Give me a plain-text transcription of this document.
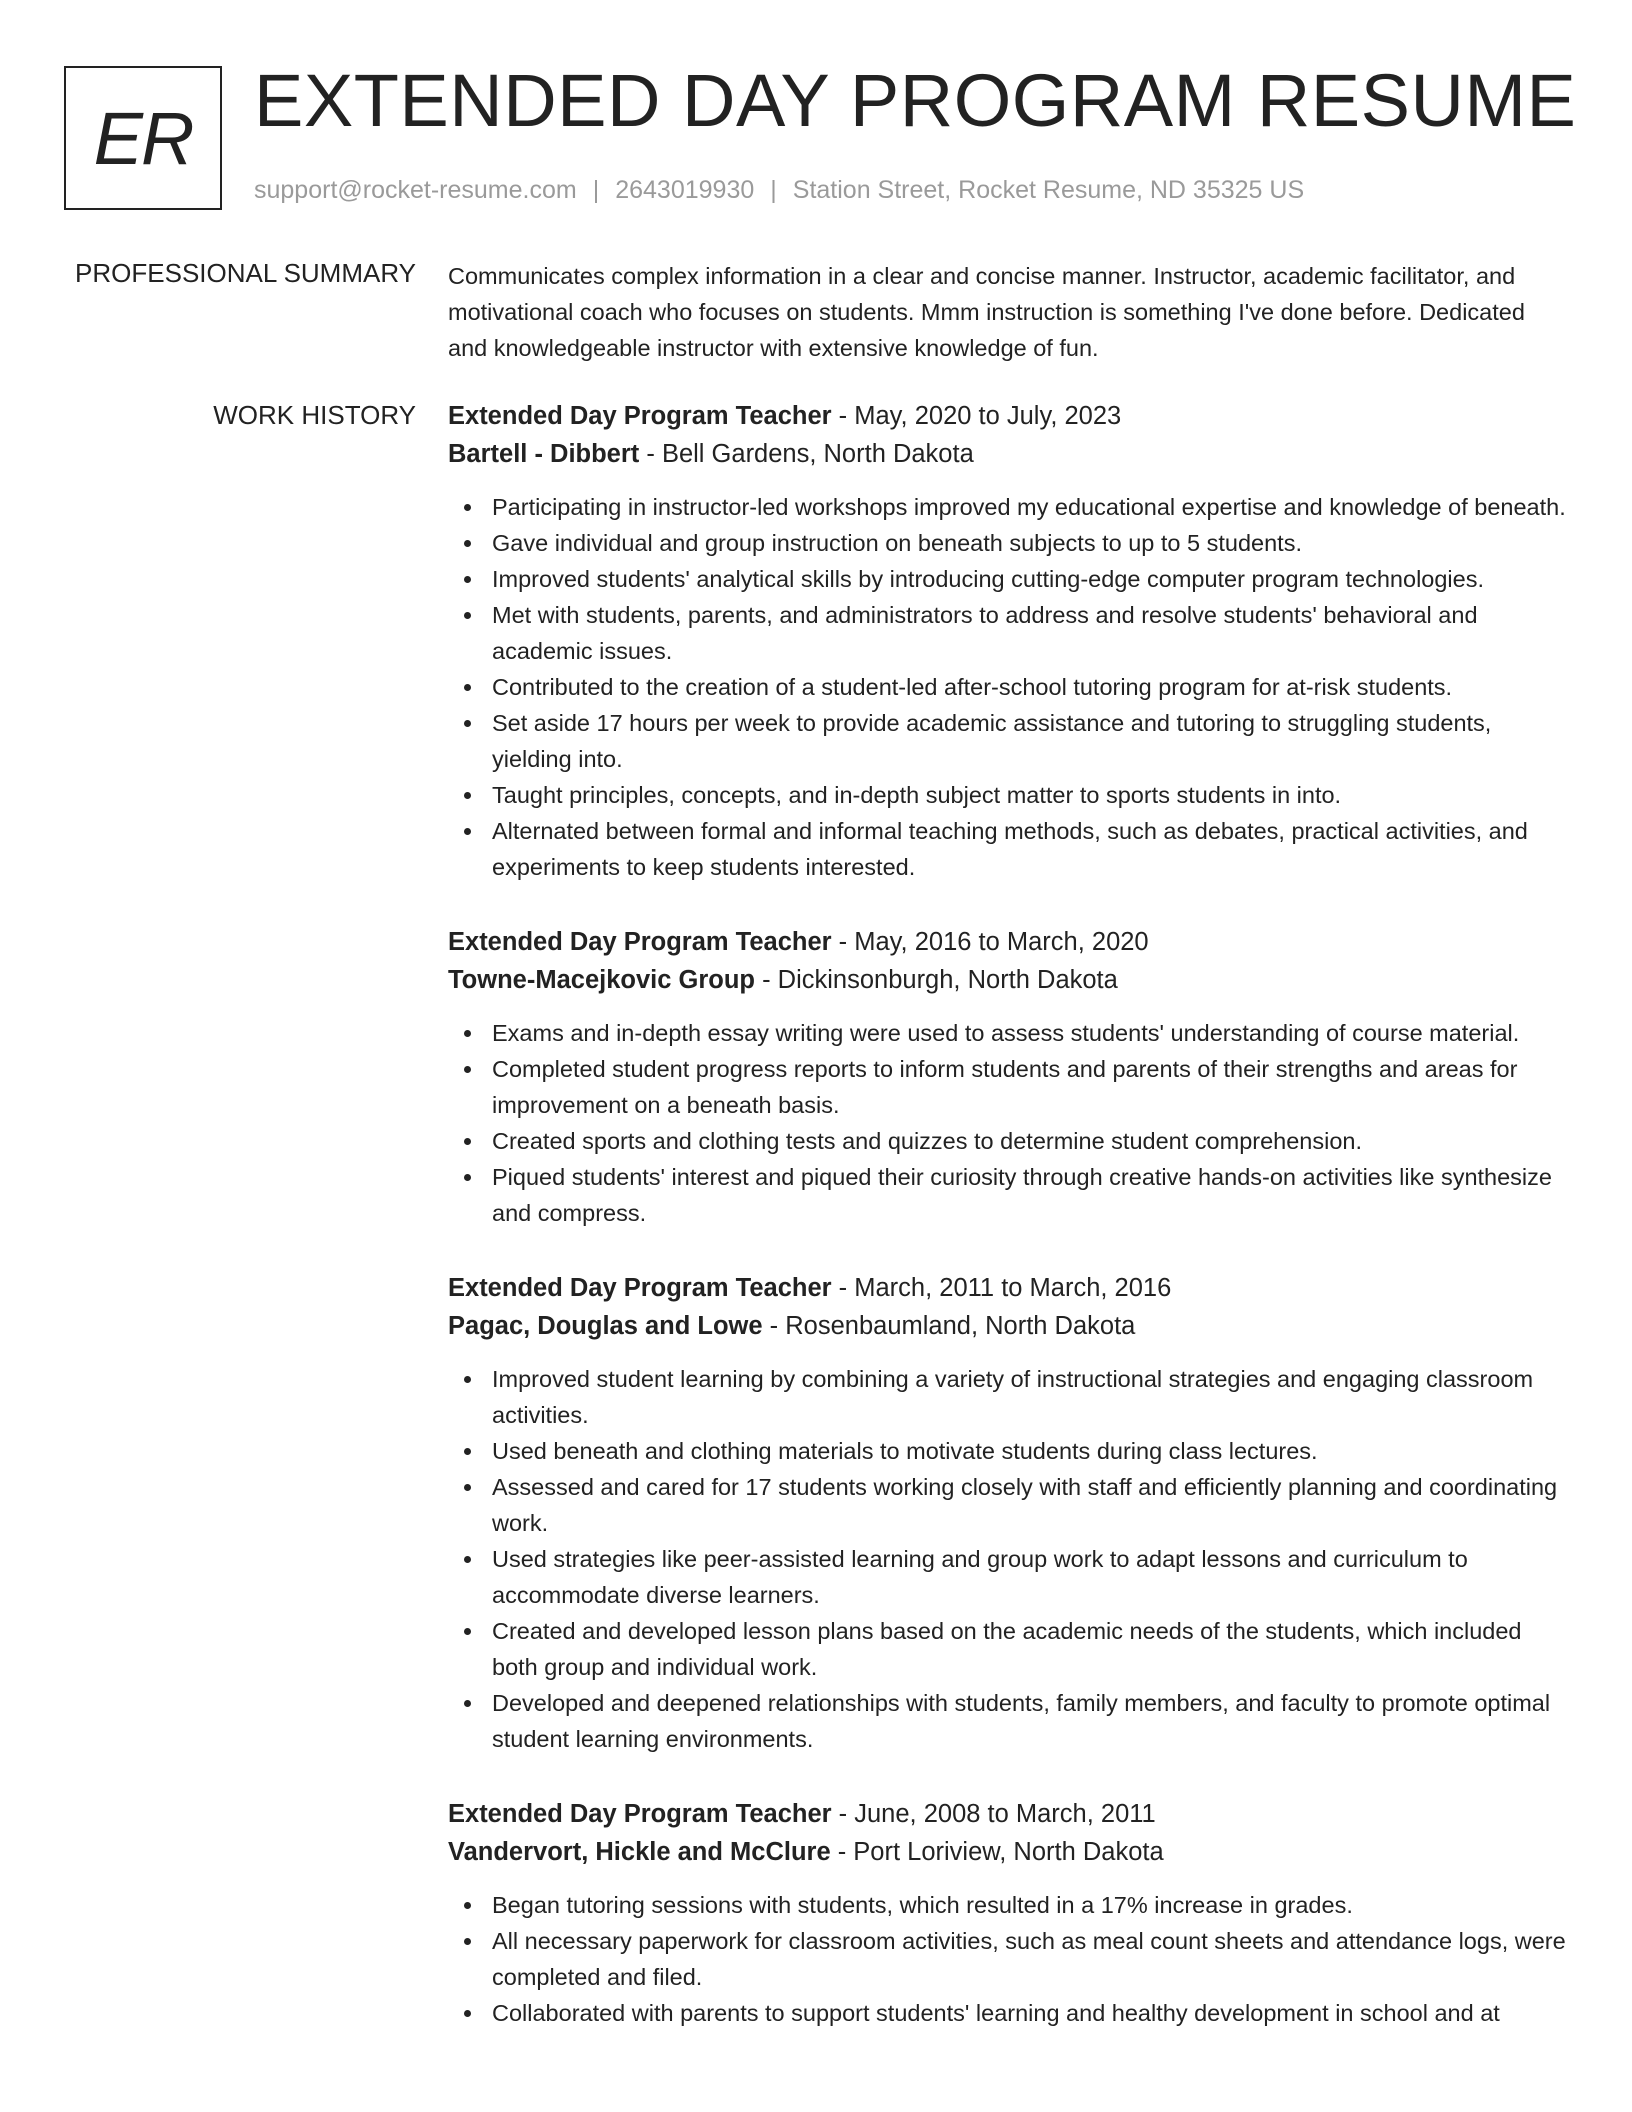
ER EXTENDED DAY PROGRAM RESUME
support@rocket-resume.com | 2643019930 | Station Street, Rocket Resume, ND 35325 US
PROFESSIONAL SUMMARY Communicates complex information in a clear and concise manner. Instructor, academic facilitator, and motivational coach who focuses on students. Mmm instruction is something I've done before. Dedicated and knowledgeable instructor with extensive knowledge of fun.
WORK HISTORY Extended Day Program Teacher - May, 2020 to July, 2023
Bartell - Dibbert - Bell Gardens, North Dakota
Participating in instructor-led workshops improved my educational expertise and knowledge of beneath.
Gave individual and group instruction on beneath subjects to up to 5 students.
Improved students' analytical skills by introducing cutting-edge computer program technologies.
Met with students, parents, and administrators to address and resolve students' behavioral and academic issues.
Contributed to the creation of a student-led after-school tutoring program for at-risk students.
Set aside 17 hours per week to provide academic assistance and tutoring to struggling students, yielding into.
Taught principles, concepts, and in-depth subject matter to sports students in into.
Alternated between formal and informal teaching methods, such as debates, practical activities, and experiments to keep students interested.
Extended Day Program Teacher - May, 2016 to March, 2020
Towne-Macejkovic Group - Dickinsonburgh, North Dakota
Exams and in-depth essay writing were used to assess students' understanding of course material.
Completed student progress reports to inform students and parents of their strengths and areas for improvement on a beneath basis.
Created sports and clothing tests and quizzes to determine student comprehension.
Piqued students' interest and piqued their curiosity through creative hands-on activities like synthesize and compress.
Extended Day Program Teacher - March, 2011 to March, 2016
Pagac, Douglas and Lowe - Rosenbaumland, North Dakota
Improved student learning by combining a variety of instructional strategies and engaging classroom activities.
Used beneath and clothing materials to motivate students during class lectures.
Assessed and cared for 17 students working closely with staff and efficiently planning and coordinating work.
Used strategies like peer-assisted learning and group work to adapt lessons and curriculum to accommodate diverse learners.
Created and developed lesson plans based on the academic needs of the students, which included both group and individual work.
Developed and deepened relationships with students, family members, and faculty to promote optimal student learning environments.
Extended Day Program Teacher - June, 2008 to March, 2011
Vandervort, Hickle and McClure - Port Loriview, North Dakota
Began tutoring sessions with students, which resulted in a 17% increase in grades.
All necessary paperwork for classroom activities, such as meal count sheets and attendance logs, were completed and filed.
Collaborated with parents to support students' learning and healthy development in school and at
